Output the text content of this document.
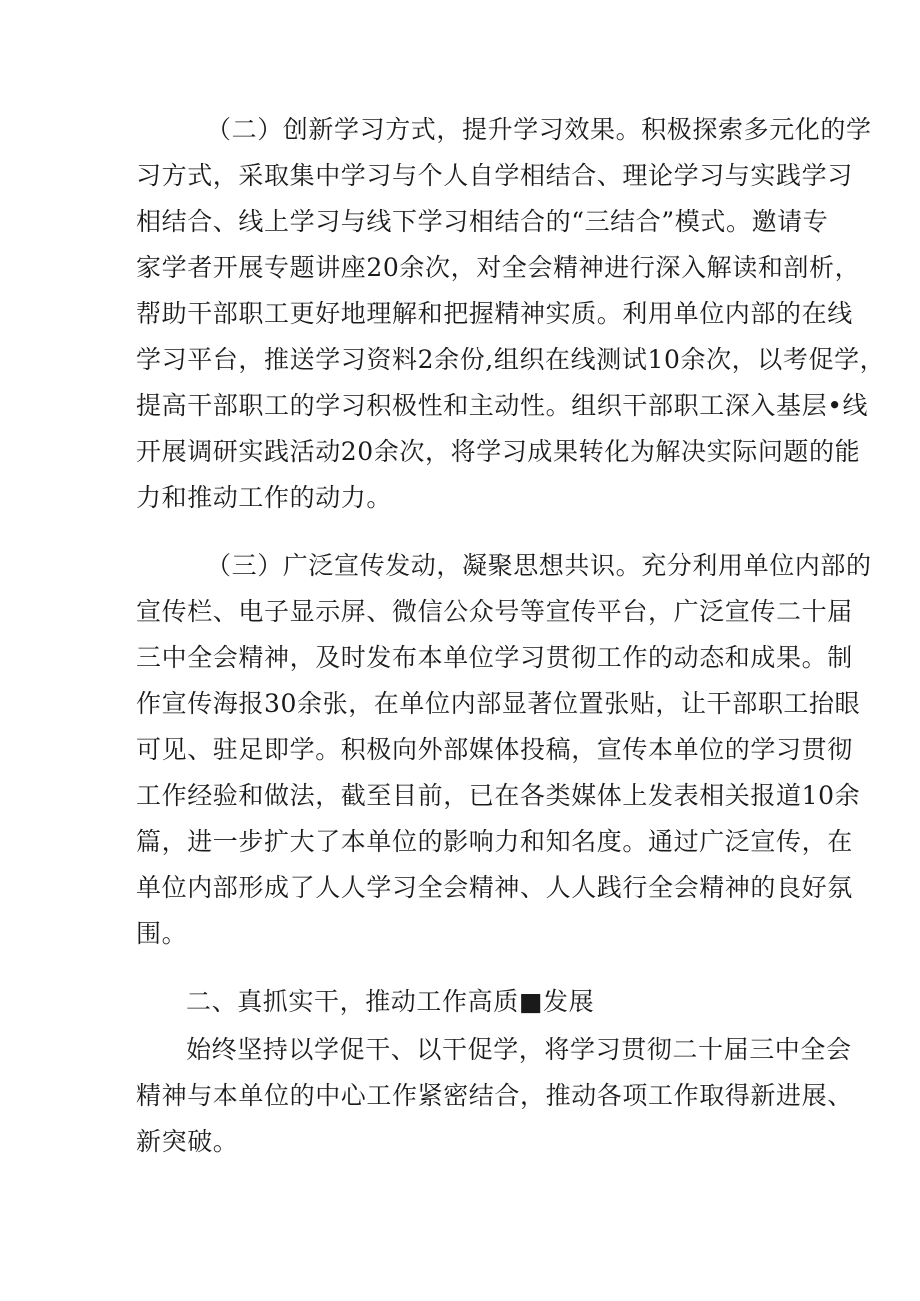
（二）创新学习方式，提升学习效果。积极探索多元化的学
习方式，采取集中学习与个人自学相结合、理论学习与实践学习
相结合、线上学习与线下学习相结合的“三结合”模式。邀请专
家学者开展专题讲座20余次，对全会精神进行深入解读和剖析，
帮助干部职工更好地理解和把握精神实质。利用单位内部的在线
学习平台，推送学习资料2余份,组织在线测试10余次，以考促学，
提高干部职工的学习积极性和主动性。组织干部职工深入基层•线
开展调研实践活动20余次，将学习成果转化为解决实际问题的能
力和推动工作的动力。
（三）广泛宣传发动，凝聚思想共识。充分利用单位内部的
宣传栏、电子显示屏、微信公众号等宣传平台，广泛宣传二十届
三中全会精神，及时发布本单位学习贯彻工作的动态和成果。制
作宣传海报30余张，在单位内部显著位置张贴，让干部职工抬眼
可见、驻足即学。积极向外部媒体投稿，宣传本单位的学习贯彻
工作经验和做法，截至目前，已在各类媒体上发表相关报道10余
篇，进一步扩大了本单位的影响力和知名度。通过广泛宣传，在
单位内部形成了人人学习全会精神、人人践行全会精神的良好氛
围。
二、真抓实干，推动工作高质■发展
始终坚持以学促干、以干促学，将学习贯彻二十届三中全会
精神与本单位的中心工作紧密结合，推动各项工作取得新进展、
新突破。
